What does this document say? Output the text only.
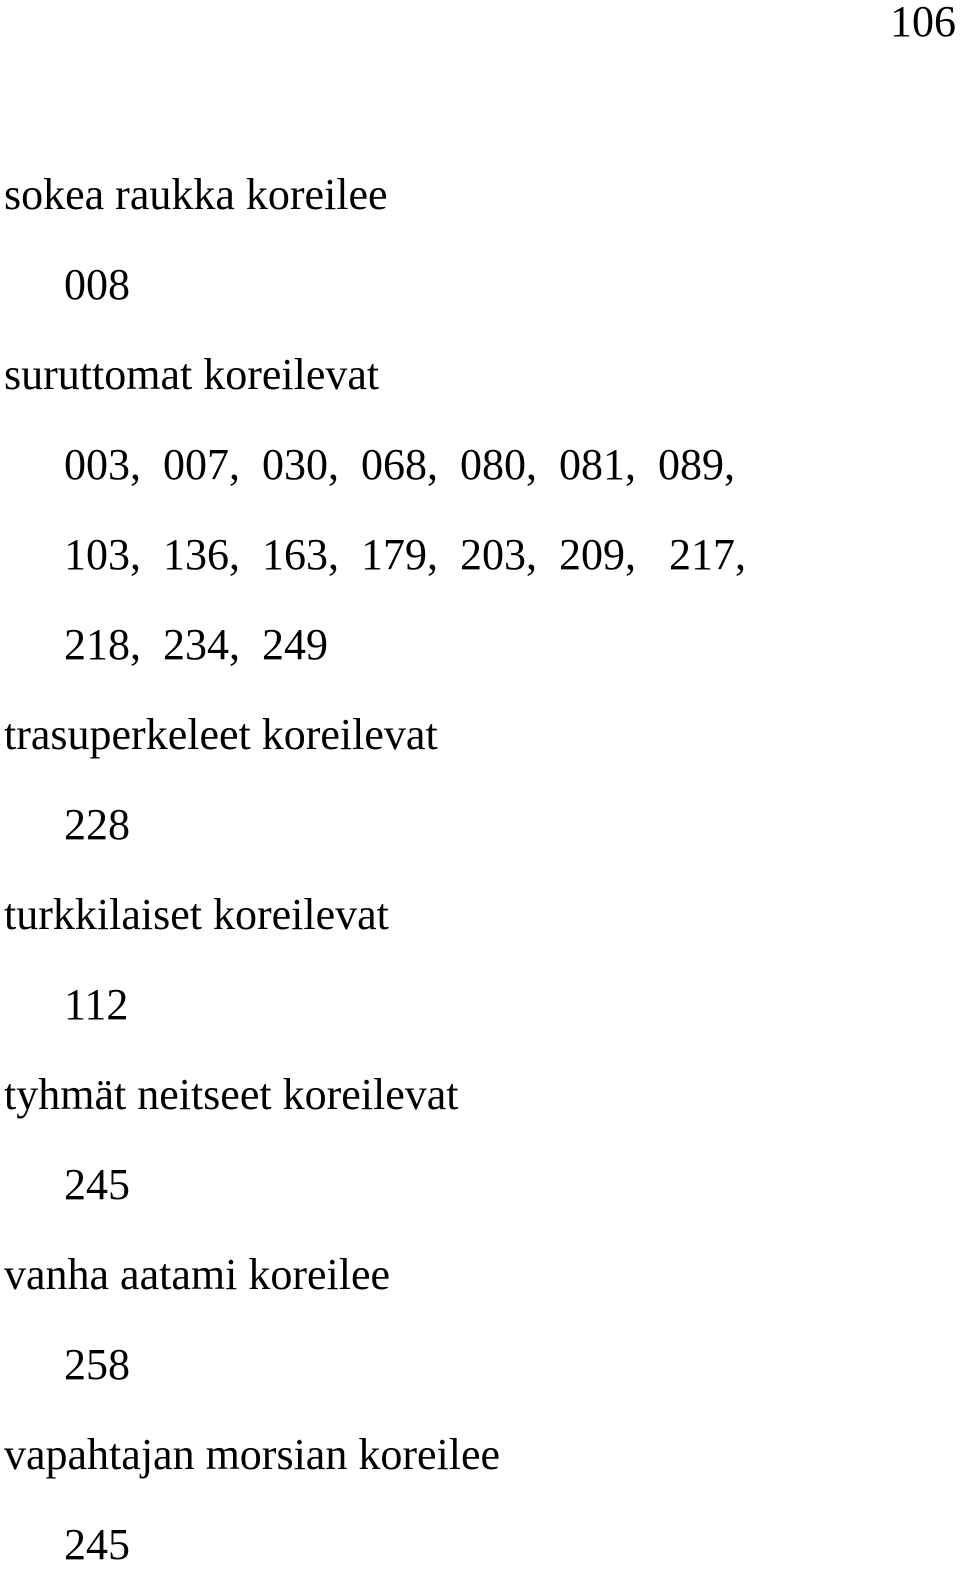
106
sokea raukka koreilee
008
suruttomat koreilevat
003,  007,  030,  068,  080,  081,  089,
103,  136,  163,  179,  203,  209,   217,
218,  234,  249
trasuperkeleet koreilevat
228
turkkilaiset koreilevat
112
tyhmät neitseet koreilevat
245
vanha aatami koreilee
258
vapahtajan morsian koreilee
245
